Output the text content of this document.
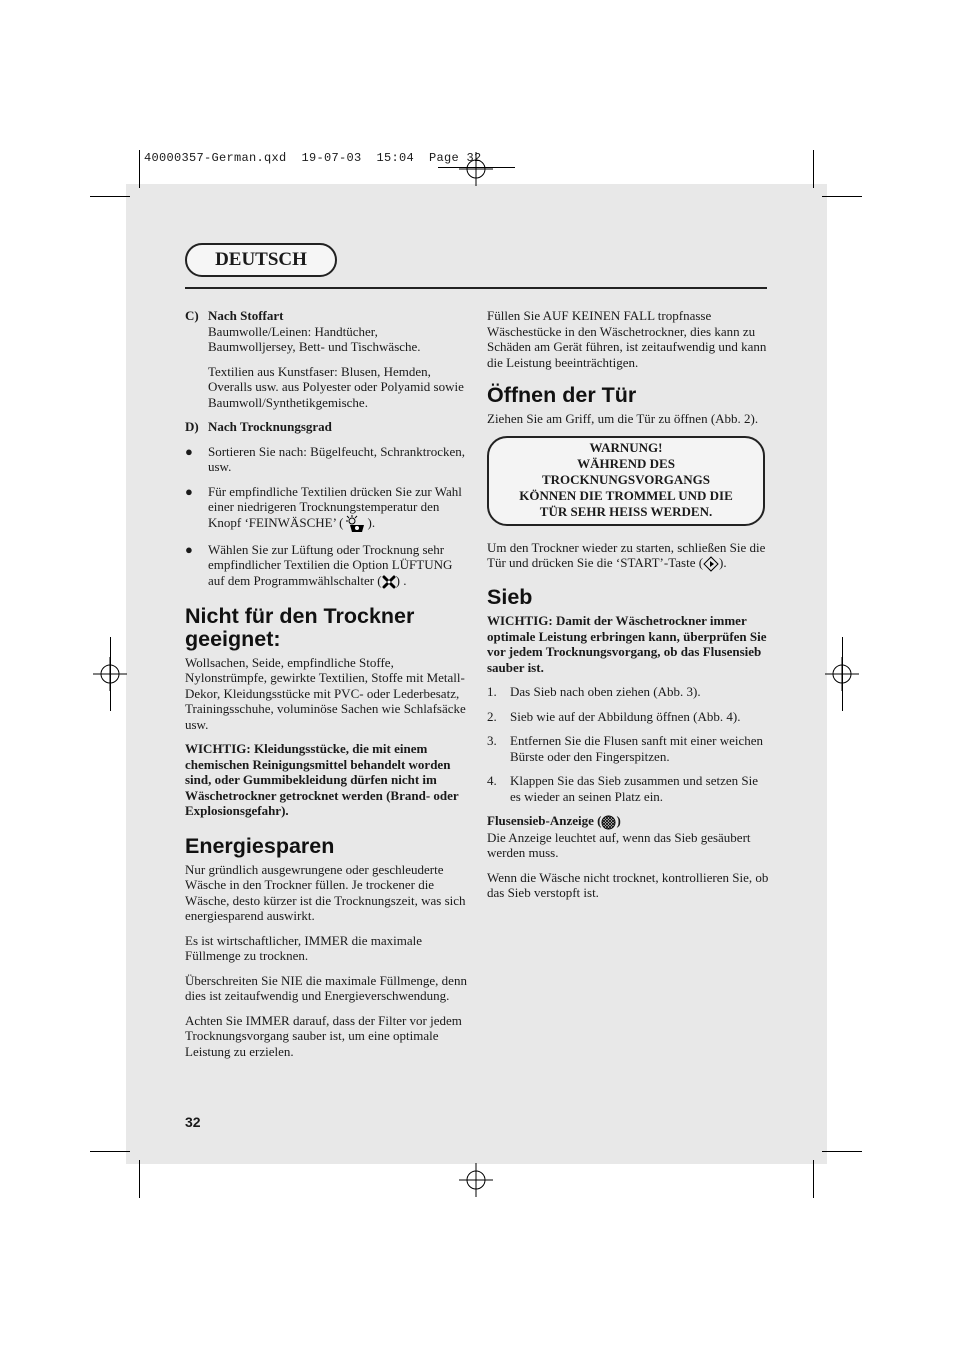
40000357-German.qxd  19-07-03  15:04  Page 32
DEUTSCH
C) Nach Stoffart
Baumwolle/Leinen: Handtücher, Baumwolljersey, Bett- und Tischwäsche.
Textilien aus Kunstfaser: Blusen, Hemden, Overalls usw. aus Polyester oder Polyamid sowie Baumwoll/Synthetikgemische.
D) Nach Trocknungsgrad
●	Sortieren Sie nach: Bügelfeucht, Schranktrocken, usw.
●	Für empfindliche Textilien drücken Sie zur Wahl einer niedrigeren Trocknungstemperatur den Knopf ‘FEINWÄSCHE’ ( ).
●	Wählen Sie zur Lüftung oder Trocknung sehr empfindlicher Textilien die Option LÜFTUNG auf dem Programmwählschalter ( ) .
Nicht für den Trockner geeignet:

Wollsachen, Seide, empfindliche Stoffe, Nylonstrümpfe, gewirkte Textilien, Stoffe mit Metall-Dekor, Kleidungsstücke mit PVC- oder Lederbesatz, Trainingsschuhe, voluminöse Sachen wie Schlafsäcke usw.

WICHTIG: Kleidungsstücke, die mit einem chemischen Reinigungsmittel behandelt worden sind, oder Gummibekleidung dürfen nicht im Wäschetrockner getrocknet werden (Brand- oder Explosionsgefahr).

Energiesparen

Nur gründlich ausgewrungene oder geschleuderte Wäsche in den Trockner füllen. Je trockener die Wäsche, desto kürzer ist die Trocknungszeit, was sich energiesparend auswirkt.

Es ist wirtschaftlicher, IMMER die maximale Füllmenge zu trocknen.

Überschreiten Sie NIE die maximale Füllmenge, denn dies ist zeitaufwendig und Energieverschwendung.

Achten Sie IMMER darauf, dass der Filter vor jedem Trocknungsvorgang sauber ist, um eine optimale Leistung zu erzielen.

Füllen Sie AUF KEINEN FALL tropfnasse Wäschestücke in den Wäschetrockner, dies kann zu Schäden am Gerät führen, ist zeitaufwendig und kann die Leistung beeinträchtigen.

Öffnen der Tür

Ziehen Sie am Griff, um die Tür zu öffnen (Abb. 2).

WARNUNG!
WÄHREND DES
TROCKNUNGSVORGANGS
KÖNNEN DIE TROMMEL UND DIE
TÜR SEHR HEISS WERDEN.

Um den Trockner wieder zu starten, schließen Sie die Tür und drücken Sie die ‘START’-Taste ( ).

Sieb

WICHTIG: Damit der Wäschetrockner immer optimale Leistung erbringen kann, überprüfen Sie vor jedem Trocknungsvorgang, ob das Flusensieb sauber ist.

1.	Das Sieb nach oben ziehen (Abb. 3).
2.	Sieb wie auf der Abbildung öffnen (Abb. 4).
3.	Entfernen Sie die Flusen sanft mit einer weichen Bürste oder den Fingerspitzen.
4.	Klappen Sie das Sieb zusammen und setzen Sie es wieder an seinen Platz ein.
Flusensieb-Anzeige ( )

Die Anzeige leuchtet auf, wenn das Sieb gesäubert werden muss.

Wenn die Wäsche nicht trocknet, kontrollieren Sie, ob das Sieb verstopft ist.

32
